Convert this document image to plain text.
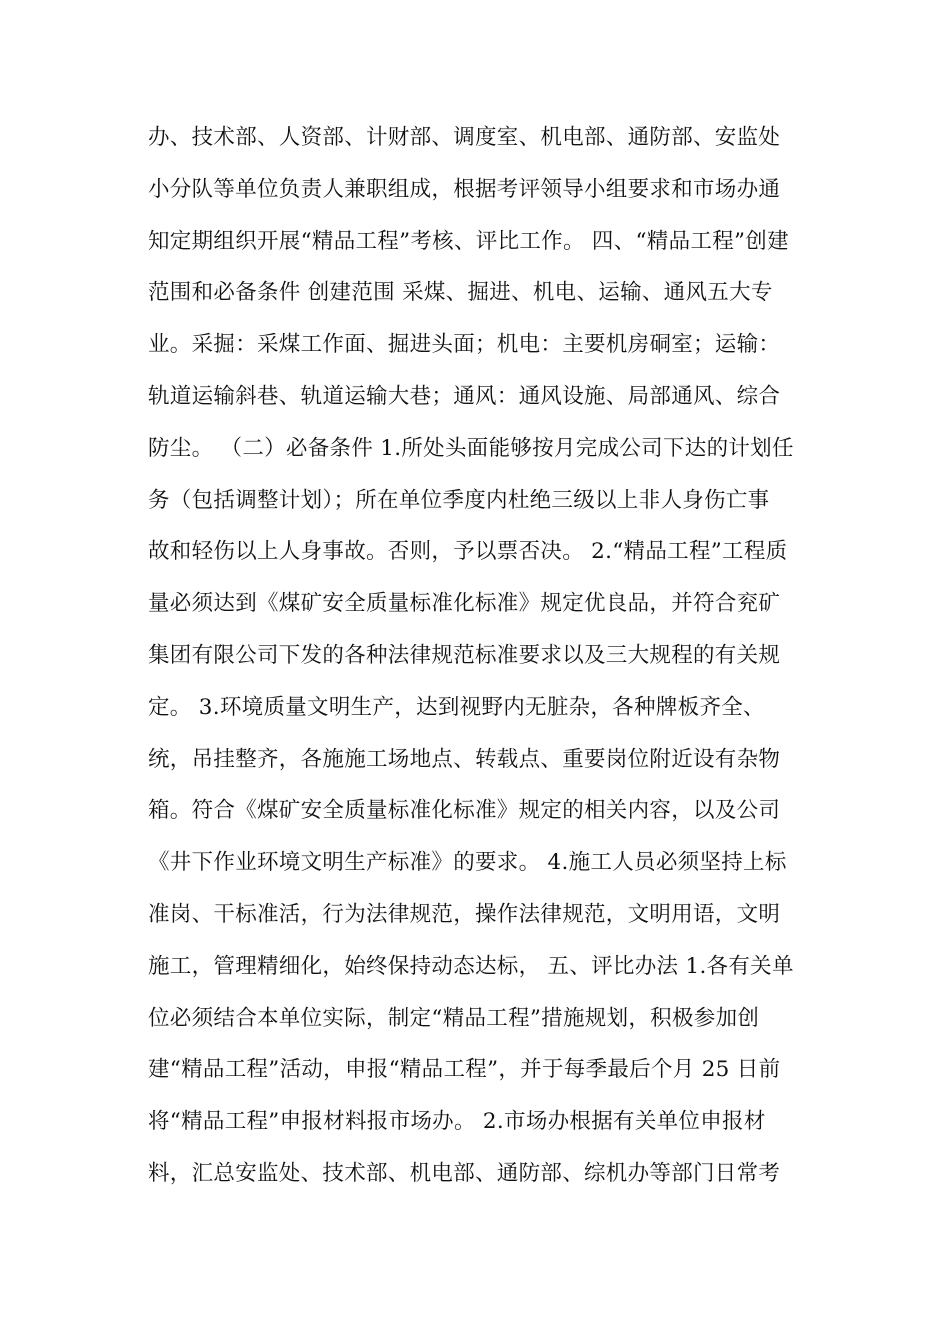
办、技术部、人资部、计财部、调度室、机电部、通防部、安监处
小分队等单位负责人兼职组成，根据考评领导小组要求和市场办通
知定期组织开展“精品工程”考核、评比工作。 四、“精品工程”创建
范围和必备条件 创建范围 采煤、掘进、机电、运输、通风五大专
业。采掘：采煤工作面、掘进头面；机电：主要机房硐室；运输：
轨道运输斜巷、轨道运输大巷；通风：通风设施、局部通风、综合
防尘。 （二）必备条件 1.所处头面能够按月完成公司下达的计划任
务（包括调整计划）；所在单位季度内杜绝三级以上非人身伤亡事
故和轻伤以上人身事故。否则，予以票否决。 2.“精品工程”工程质
量必须达到《煤矿安全质量标准化标准》规定优良品，并符合兖矿
集团有限公司下发的各种法律规范标准要求以及三大规程的有关规
定。 3.环境质量文明生产，达到视野内无脏杂，各种牌板齐全、
统，吊挂整齐，各施施工场地点、转载点、重要岗位附近设有杂物
箱。符合《煤矿安全质量标准化标准》规定的相关内容，以及公司
《井下作业环境文明生产标准》的要求。 4.施工人员必须坚持上标
准岗、干标准活，行为法律规范，操作法律规范，文明用语，文明
施工，管理精细化，始终保持动态达标， 五、评比办法 1.各有关单
位必须结合本单位实际，制定“精品工程”措施规划，积极参加创
建“精品工程”活动，申报“精品工程”，并于每季最后个月 25 日前
将“精品工程”申报材料报市场办。 2.市场办根据有关单位申报材
料，汇总安监处、技术部、机电部、通防部、综机办等部门日常考
